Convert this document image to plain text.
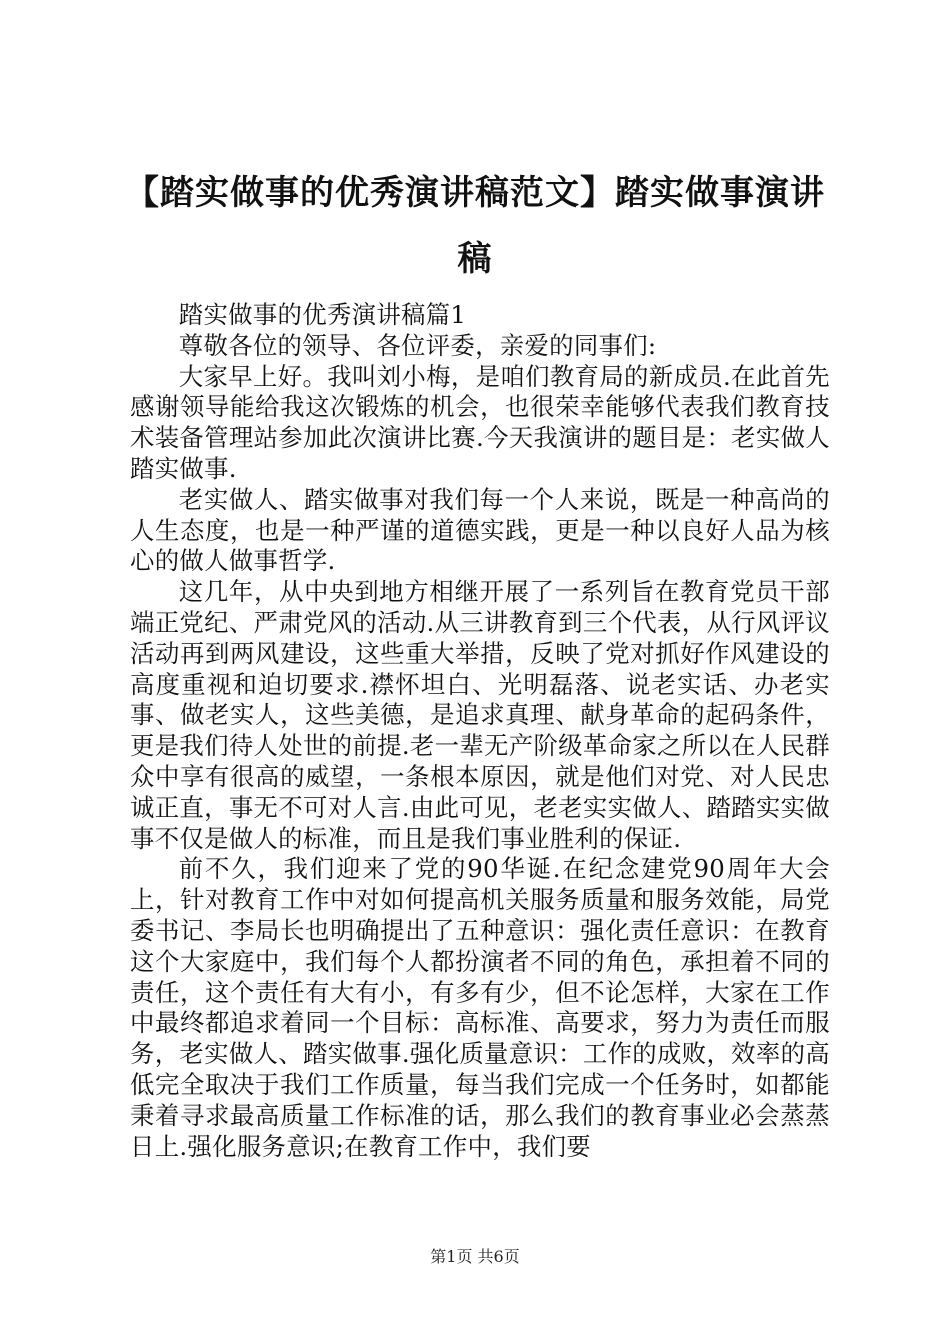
【踏实做事的优秀演讲稿范文】踏实做事演讲稿

踏实做事的优秀演讲稿篇1

尊敬各位的领导、各位评委，亲爱的同事们:

大家早上好。我叫刘小梅，是咱们教育局的新成员.在此首先感谢领导能给我这次锻炼的机会，也很荣幸能够代表我们教育技术装备管理站参加此次演讲比赛.今天我演讲的题目是：老实做人踏实做事.

老实做人、踏实做事对我们每一个人来说，既是一种高尚的人生态度，也是一种严谨的道德实践，更是一种以良好人品为核心的做人做事哲学.

这几年，从中央到地方相继开展了一系列旨在教育党员干部端正党纪、严肃党风的活动.从三讲教育到三个代表，从行风评议活动再到两风建设，这些重大举措，反映了党对抓好作风建设的高度重视和迫切要求.襟怀坦白、光明磊落、说老实话、办老实事、做老实人，这些美德，是追求真理、献身革命的起码条件，更是我们待人处世的前提.老一辈无产阶级革命家之所以在人民群众中享有很高的威望，一条根本原因，就是他们对党、对人民忠诚正直，事无不可对人言.由此可见，老老实实做人、踏踏实实做事不仅是做人的标准，而且是我们事业胜利的保证.

前不久，我们迎来了党的90华诞.在纪念建党90周年大会上，针对教育工作中对如何提高机关服务质量和服务效能，局党委书记、李局长也明确提出了五种意识：强化责任意识：在教育这个大家庭中，我们每个人都扮演者不同的角色，承担着不同的责任，这个责任有大有小，有多有少，但不论怎样，大家在工作中最终都追求着同一个目标：高标准、高要求，努力为责任而服务，老实做人、踏实做事.强化质量意识：工作的成败，效率的高低完全取决于我们工作质量，每当我们完成一个任务时，如都能秉着寻求最高质量工作标准的话，那么我们的教育事业必会蒸蒸日上.强化服务意识;在教育工作中，我们要

第1页 共6页
